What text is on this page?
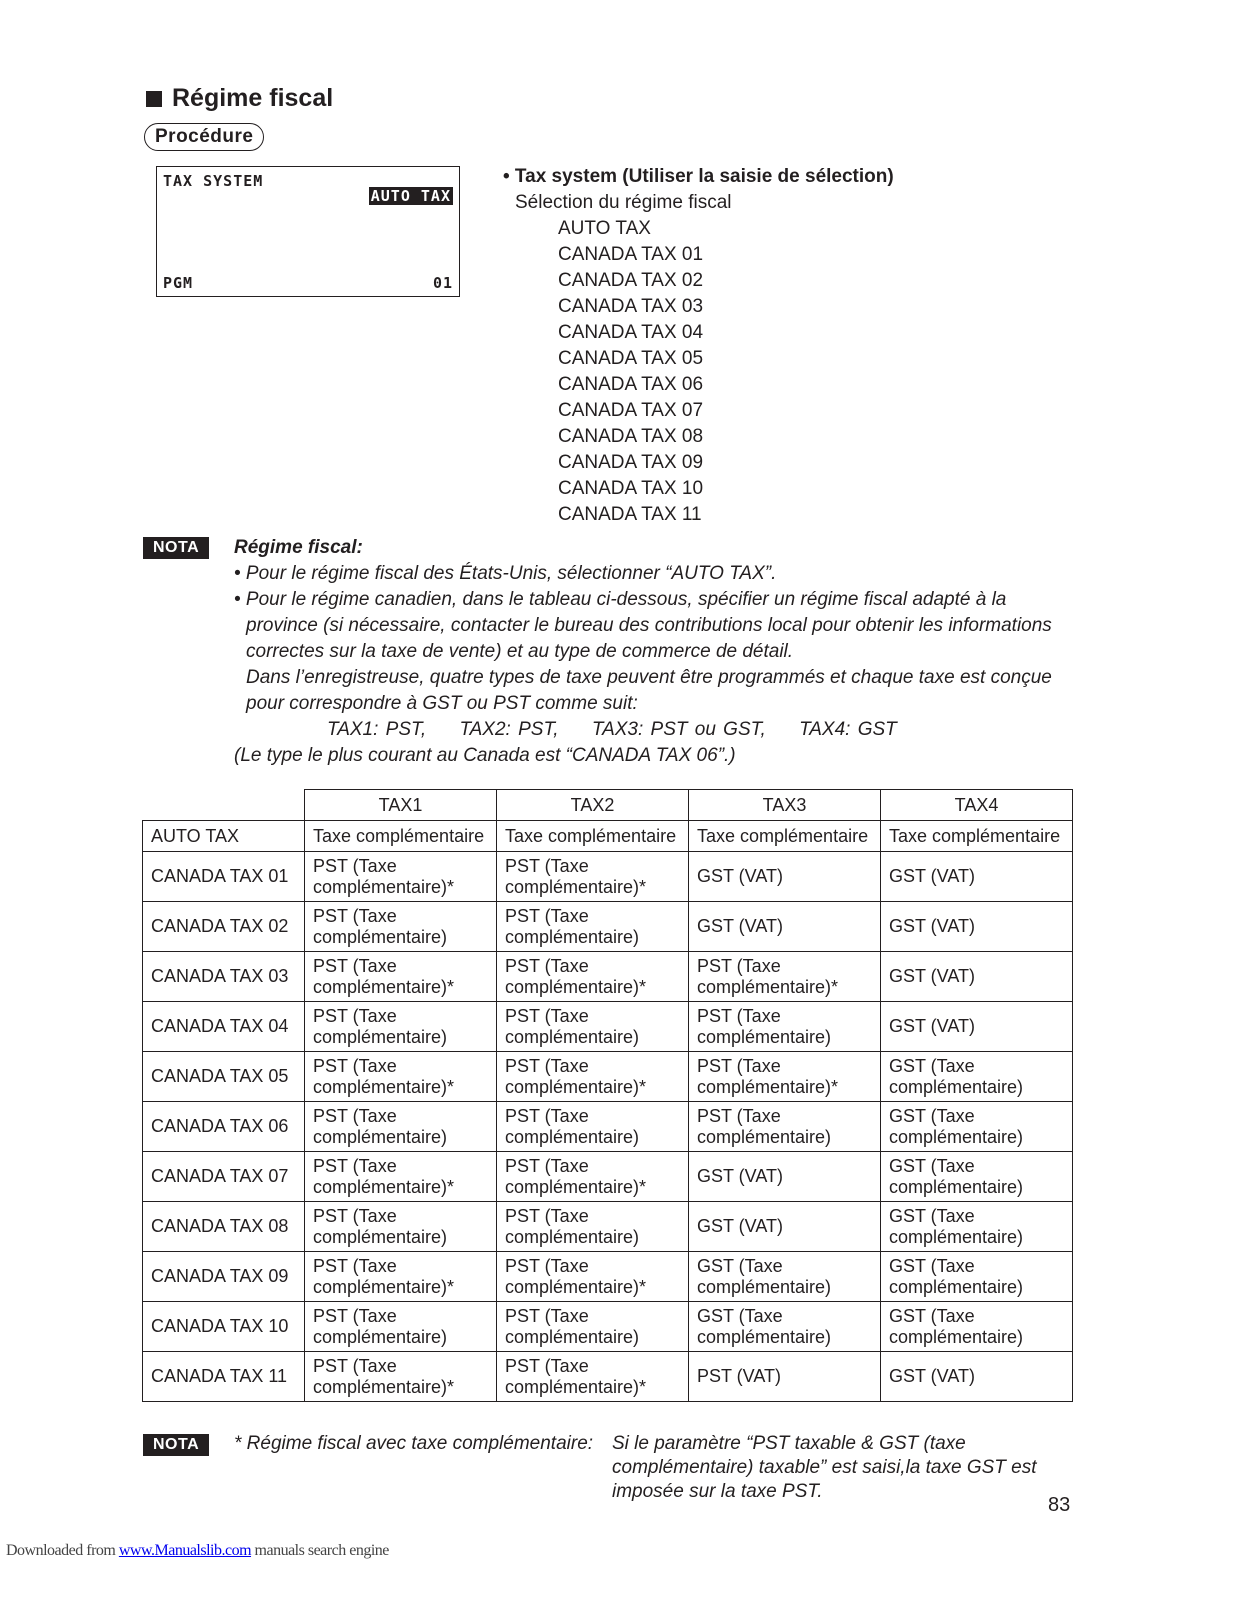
Régime fiscal
Procédure
TAX SYSTEM
AUTO TAX
PGM	01
• Tax system (Utiliser la saisie de sélection)
Sélection du régime fiscal
AUTO TAX
CANADA TAX 01
CANADA TAX 02
CANADA TAX 03
CANADA TAX 04
CANADA TAX 05
CANADA TAX 06
CANADA TAX 07
CANADA TAX 08
CANADA TAX 09
CANADA TAX 10
CANADA TAX 11
NOTA	Régime fiscal:
• Pour le régime fiscal des États-Unis, sélectionner “AUTO TAX”.
• Pour le régime canadien, dans le tableau ci-dessous, spécifier un régime fiscal adapté à la
province (si nécessaire, contacter le bureau des contributions local pour obtenir les informations
correctes sur la taxe de vente) et au type de commerce de détail.
Dans l’enregistreuse, quatre types de taxe peuvent être programmés et chaque taxe est conçue
pour correspondre à GST ou PST comme suit:
TAX1: PST, TAX2: PST, TAX3: PST ou GST, TAX4: GST
(Le type le plus courant au Canada est “CANADA TAX 06”.)
	TAX1	TAX2	TAX3	TAX4
AUTO TAX	Taxe complémentaire	Taxe complémentaire	Taxe complémentaire	Taxe complémentaire
CANADA TAX 01	PST (Taxe complémentaire)*	PST (Taxe complémentaire)*	GST (VAT)	GST (VAT)
CANADA TAX 02	PST (Taxe complémentaire)	PST (Taxe complémentaire)	GST (VAT)	GST (VAT)
CANADA TAX 03	PST (Taxe complémentaire)*	PST (Taxe complémentaire)*	PST (Taxe complémentaire)*	GST (VAT)
CANADA TAX 04	PST (Taxe complémentaire)	PST (Taxe complémentaire)	PST (Taxe complémentaire)	GST (VAT)
CANADA TAX 05	PST (Taxe complémentaire)*	PST (Taxe complémentaire)*	PST (Taxe complémentaire)*	GST (Taxe complémentaire)
CANADA TAX 06	PST (Taxe complémentaire)	PST (Taxe complémentaire)	PST (Taxe complémentaire)	GST (Taxe complémentaire)
CANADA TAX 07	PST (Taxe complémentaire)*	PST (Taxe complémentaire)*	GST (VAT)	GST (Taxe complémentaire)
CANADA TAX 08	PST (Taxe complémentaire)	PST (Taxe complémentaire)	GST (VAT)	GST (Taxe complémentaire)
CANADA TAX 09	PST (Taxe complémentaire)*	PST (Taxe complémentaire)*	GST (Taxe complémentaire)	GST (Taxe complémentaire)
CANADA TAX 10	PST (Taxe complémentaire)	PST (Taxe complémentaire)	GST (Taxe complémentaire)	GST (Taxe complémentaire)
CANADA TAX 11	PST (Taxe complémentaire)*	PST (Taxe complémentaire)*	PST (VAT)	GST (VAT)
NOTA	* Régime fiscal avec taxe complémentaire: Si le paramètre “PST taxable & GST (taxe
complémentaire) taxable” est saisi,la taxe GST est
imposée sur la taxe PST.
83
Downloaded from www.Manualslib.com manuals search engine
